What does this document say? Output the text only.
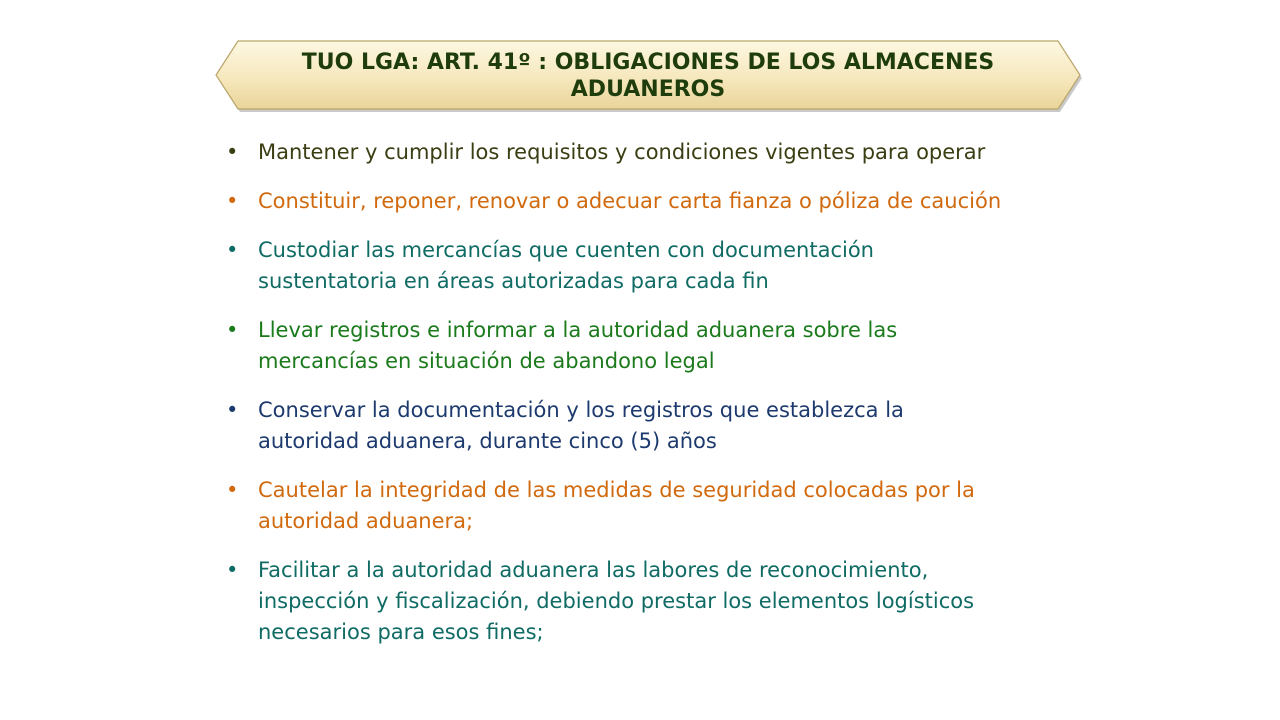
TUO LGA: ART. 41º : OBLIGACIONES DE LOS ALMACENES
ADUANEROS
• Mantener y cumplir los requisitos y condiciones vigentes para operar
• Constituir, reponer, renovar o adecuar carta fianza o póliza de caución
• Custodiar las mercancías que cuenten con documentación
sustentatoria en áreas autorizadas para cada fin
• Llevar registros e informar a la autoridad aduanera sobre las
mercancías en situación de abandono legal
• Conservar la documentación y los registros que establezca la
autoridad aduanera, durante cinco (5) años
• Cautelar la integridad de las medidas de seguridad colocadas por la
autoridad aduanera;
• Facilitar a la autoridad aduanera las labores de reconocimiento,
inspección y fiscalización, debiendo prestar los elementos logísticos
necesarios para esos fines;
